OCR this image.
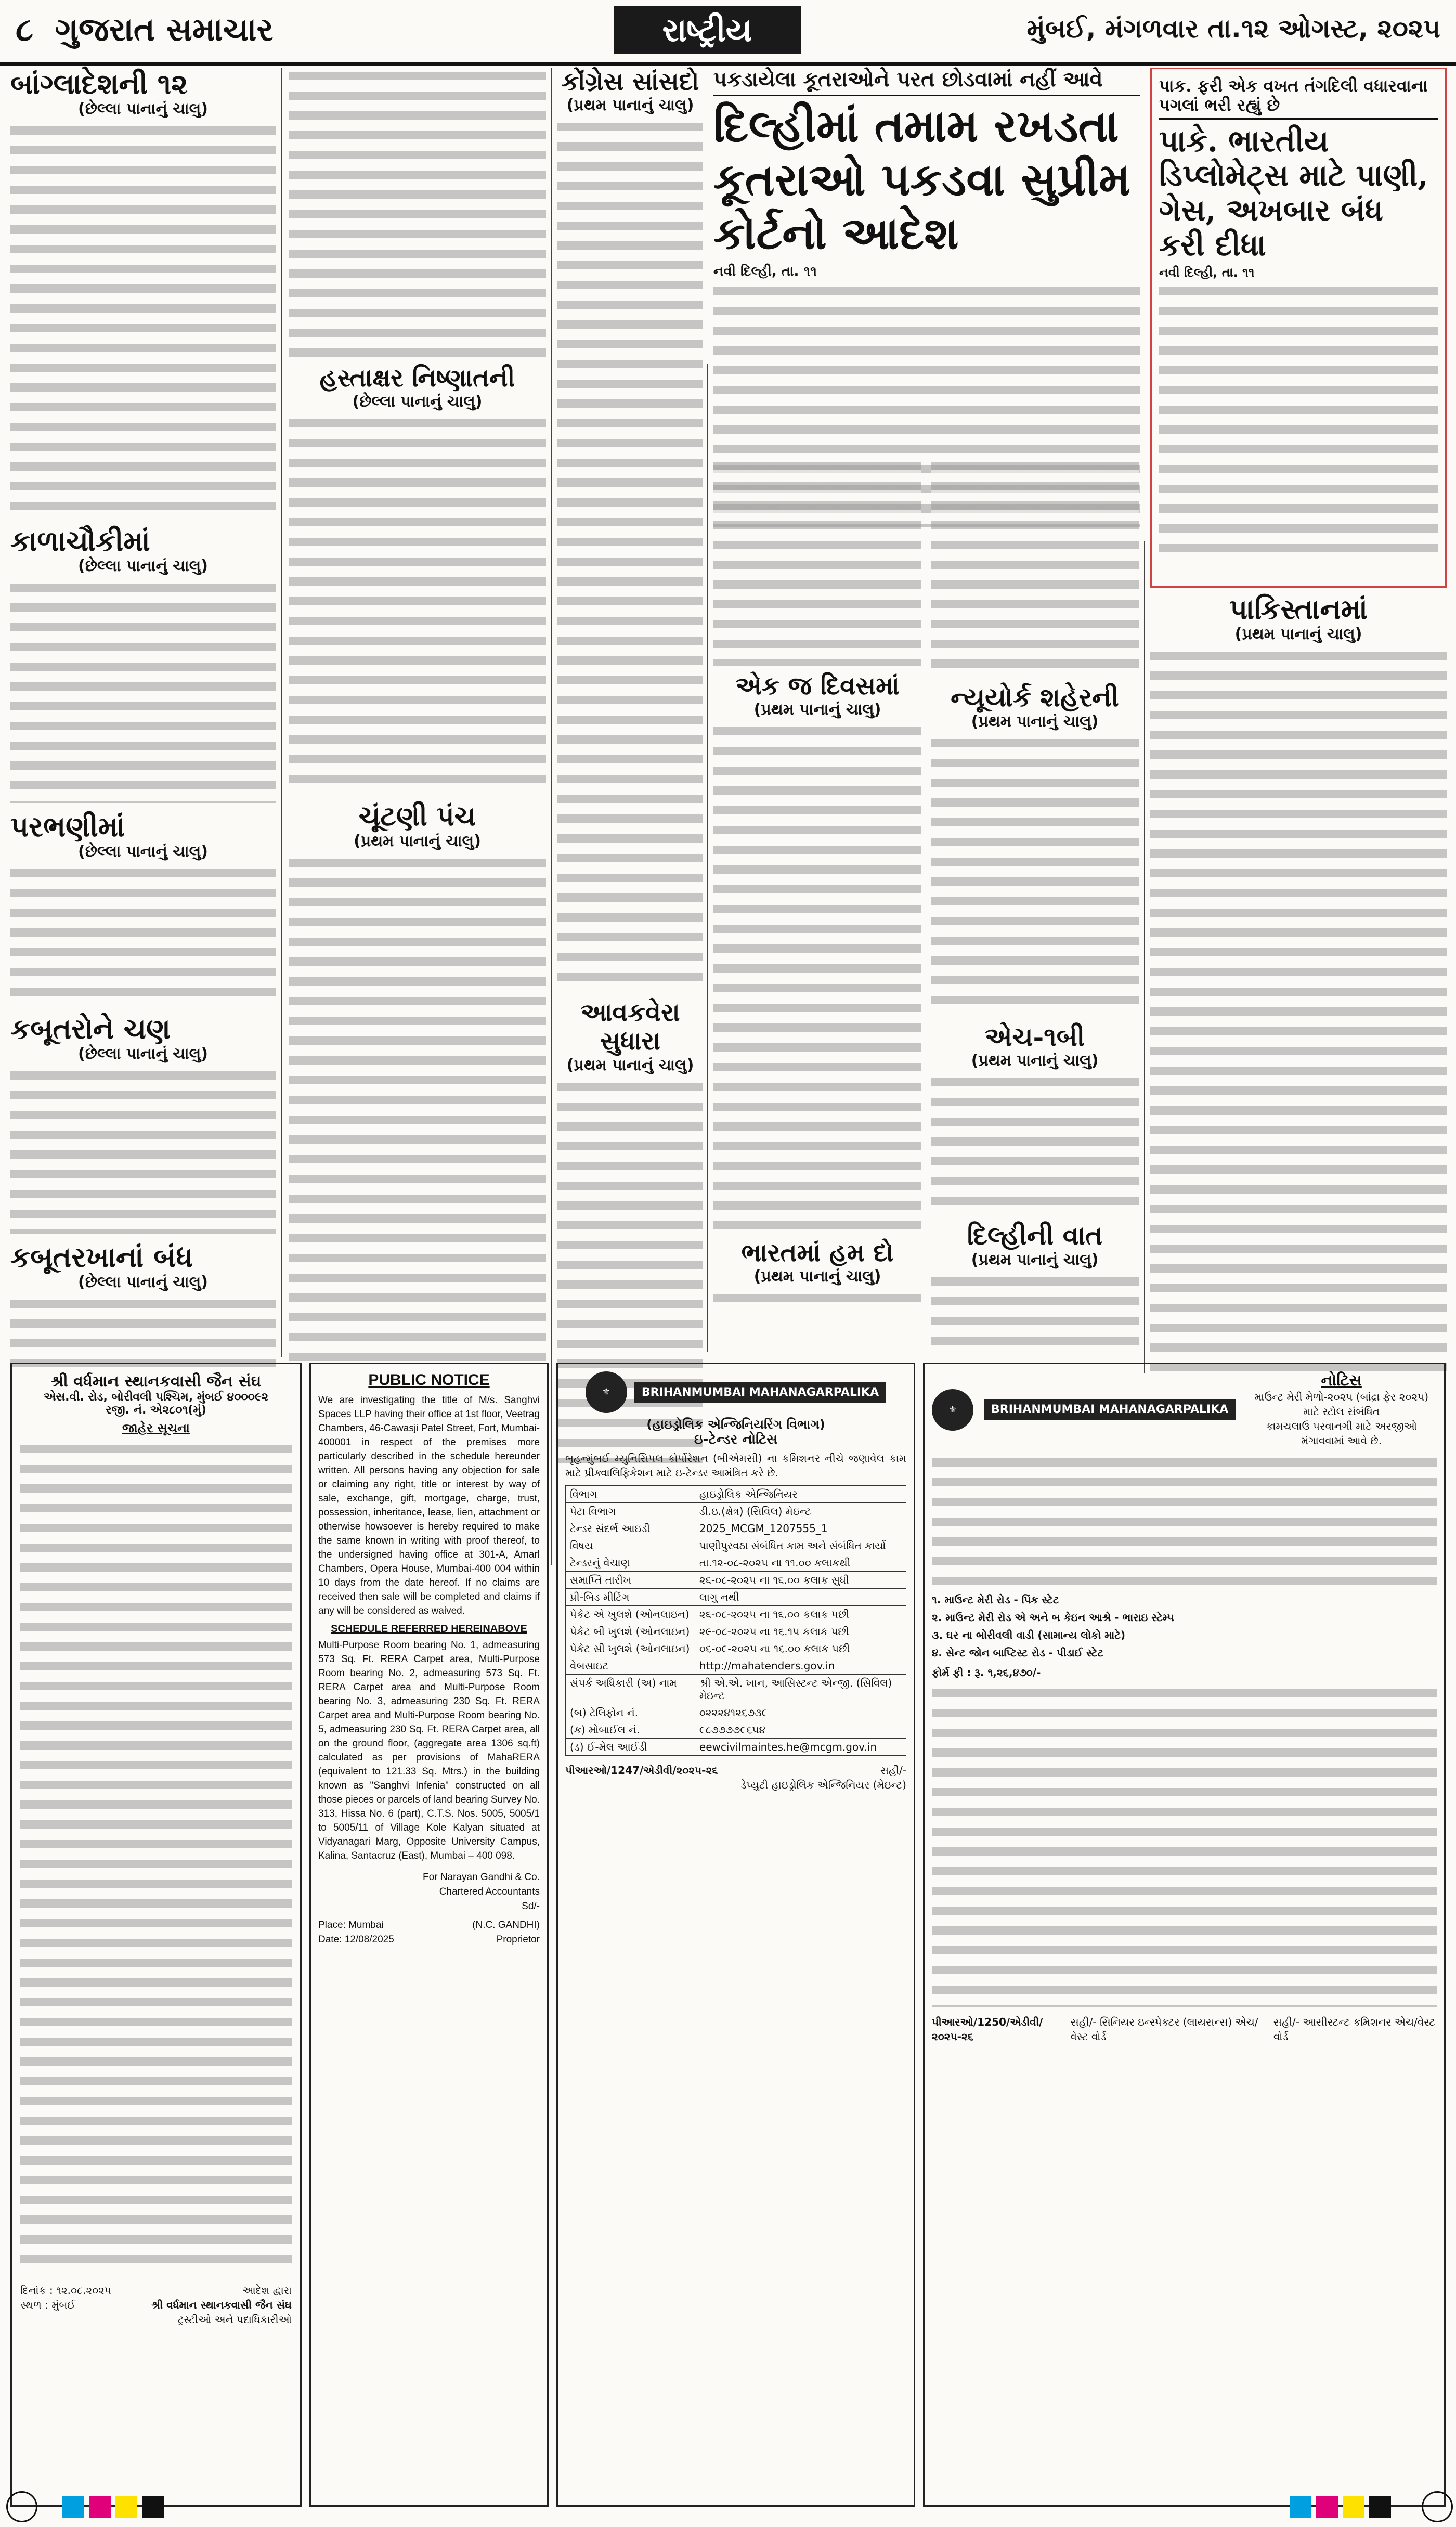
૮ ગુજરાત સમાચાર	રાષ્ટ્રીય	મુંબઈ, મંગળવાર તા.૧૨ ઓગસ્ટ, ૨૦૨૫
બાંગ્લાદેશની ૧૨
(છેલ્લા પાનાનું ચાલુ)
કાળાચૌકીમાં
(છેલ્લા પાનાનું ચાલુ)
પરભણીમાં
(છેલ્લા પાનાનું ચાલુ)
કબૂતરોને ચણ
(છેલ્લા પાનાનું ચાલુ)
કબૂતરખાનાં બંધ
(છેલ્લા પાનાનું ચાલુ)
હસ્તાક્ષર નિષ્ણાતની
(છેલ્લા પાનાનું ચાલુ)
ચૂંટણી પંચ
(પ્રથમ પાનાનું ચાલુ)
કોંગ્રેસ સાંસદો
(પ્રથમ પાનાનું ચાલુ)
આવકવેરા સુધારા
(પ્રથમ પાનાનું ચાલુ)
પકડાયેલા કૂતરાઓને પરત છોડવામાં નહીં આવે
દિલ્હીમાં તમામ રખડતા કૂતરાઓ પકડવા સુપ્રીમ કોર્ટનો આદેશ
નવી દિલ્હી, તા. ૧૧
એક જ દિવસમાં
(પ્રથમ પાનાનું ચાલુ)
ભારતમાં હમ દો
(પ્રથમ પાનાનું ચાલુ)
ન્યૂયોર્ક શહેરની
(પ્રથમ પાનાનું ચાલુ)
એચ-૧બી
(પ્રથમ પાનાનું ચાલુ)
દિલ્હીની વાત
(પ્રથમ પાનાનું ચાલુ)
પાક. ફરી એક વખત તંગદિલી વધારવાના પગલાં ભરી રહ્યું છે
પાકે. ભારતીય ડિપ્લોમેટ્સ માટે પાણી, ગેસ, અખબાર બંધ કરી દીધા
નવી દિલ્હી, તા. ૧૧
પાકિસ્તાનમાં
(પ્રથમ પાનાનું ચાલુ)
શ્રી વર્ધમાન સ્થાનકવાસી જૈન સંઘ
એસ.વી. રોડ, બોરીવલી પશ્ચિમ, મુંબઈ ૪૦૦૦૯૨
રજી. નં. એ૨૮૦૧(મું)
જાહેર સૂચના
દિનાંક : ૧૨.૦૮.૨૦૨૫
સ્થળ : મુંબઈ
આદેશ દ્વારા
શ્રી વર્ધમાન સ્થાનકવાસી જૈન સંઘ
ટ્રસ્ટીઓ અને પદાધિકારીઓ
PUBLIC NOTICE
We are investigating the title of M/s. Sanghvi Spaces LLP having their office at 1st floor, Veetrag Chambers, 46-Cawasji Patel Street, Fort, Mumbai-400001 in respect of the premises more particularly described in the schedule hereunder written. All persons having any objection for sale or claiming any right, title or interest by way of sale, exchange, gift, mortgage, charge, trust, possession, inheritance, lease, lien, attachment or otherwise howsoever is hereby required to make the same known in writing with proof thereof, to the undersigned having office at 301-A, Amarl Chambers, Opera House, Mumbai-400 004 within 10 days from the date hereof. If no claims are received then sale will be completed and claims if any will be considered as waived.
SCHEDULE REFERRED HEREINABOVE
Multi-Purpose Room bearing No. 1, admeasuring 573 Sq. Ft. RERA Carpet area, Multi-Purpose Room bearing No. 2, admeasuring 573 Sq. Ft. RERA Carpet area and Multi-Purpose Room bearing No. 3, admeasuring 230 Sq. Ft. RERA Carpet area and Multi-Purpose Room bearing No. 5, admeasuring 230 Sq. Ft. RERA Carpet area, all on the ground floor, (aggregate area 1306 sq.ft) calculated as per provisions of MahaRERA (equivalent to 121.33 Sq. Mtrs.) in the building known as "Sanghvi Infenia" constructed on all those pieces or parcels of land bearing Survey No. 313, Hissa No. 6 (part), C.T.S. Nos. 5005, 5005/1 to 5005/11 of Village Kole Kalyan situated at Vidyanagari Marg, Opposite University Campus, Kalina, Santacruz (East), Mumbai – 400 098.
For Narayan Gandhi & Co.
Chartered Accountants
Sd/-
Place: Mumbai
Date: 12/08/2025
(N.C. GANDHI)
Proprietor
⚜	BRIHANMUMBAI MAHANAGARPALIKA
(હાઇડ્રોલિક એન્જિનિયરિંગ વિભાગ)
ઇ-ટેન્ડર નોટિસ
બૃહન્મુંબઈ મ્યુનિસિપલ કોર્પોરેશન (બીએમસી) ના કમિશનર નીચે જણાવેલ કામ માટે પ્રીક્વાલિફિકેશન માટે ઇ-ટેન્ડર આમંત્રિત કરે છે.
વિભાગ	હાઇડ્રોલિક એન્જિનિયર
પેટા વિભાગ	ડી.ઇ.(ક્ષેત્ર) (સિવિલ) મેઇન્ટ
ટેન્ડર સંદર્ભ આઇડી	2025_MCGM_1207555_1
વિષય	પાણીપુરવઠા સંબંધિત કામ અને સંબંધિત કાર્યો
ટેન્ડરનું વેચાણ	તા.૧૨-૦૮-૨૦૨૫ ના ૧૧.૦૦ કલાકથી
સમાપ્તિ તારીખ	૨૬-૦૮-૨૦૨૫ ના ૧૬.૦૦ કલાક સુધી
પ્રી-બિડ મીટિંગ	લાગુ નથી
પેકેટ એ ખુલશે (ઓનલાઇન)	૨૬-૦૮-૨૦૨૫ ના ૧૬.૦૦ કલાક પછી
પેકેટ બી ખુલશે (ઓનલાઇન)	૨૯-૦૮-૨૦૨૫ ના ૧૬.૧૫ કલાક પછી
પેકેટ સી ખુલશે (ઓનલાઇન)	૦૬-૦૯-૨૦૨૫ ના ૧૬.૦૦ કલાક પછી
વેબસાઇટ	http://mahatenders.gov.in
સંપર્ક અધિકારી (અ) નામ	શ્રી એ.એ. ખાન, આસિસ્ટન્ટ એન્જી. (સિવિલ) મેઇન્ટ
(બ) ટેલિફોન નં.	૦૨૨૨૪૧૨૬૭૩૯
(ક) મોબાઈલ નં.	૯૮૭૭૭૭૯૬૫૪
(ડ) ઈ-મેલ આઈડી	eewcivilmaintes.he@mcgm.gov.in
પીઆરઓ/1247/એડીવી/૨૦૨૫-૨૬	સહી/-
ડેપ્યુટી હાઇડ્રોલિક એન્જિનિયર (મેઇન્ટ)
⚜	BRIHANMUMBAI MAHANAGARPALIKA
નોટિસ
માઉન્ટ મેરી મેળો-૨૦૨૫ (બાંદ્રા ફેર ૨૦૨૫) માટે સ્ટોલ સંબંધિત
કામચલાઉ પરવાનગી માટે અરજીઓ મંગાવવામાં આવે છે.
૧. માઉન્ટ મેરી રોડ - પિંક સ્ટેટ
૨. માઉન્ટ મેરી રોડ એ અને બ કેઇન આશ્રે - ભારાઇ સ્ટેમ્પ
૩. ઘર ના બોરીવલી વાડી (સામાન્ય લોકો માટે)
૪. સેન્ટ જોન બાપ્ટિસ્ટ રોડ - પીડાઈ સ્ટેટ
ફોર્મ ફી : રૂ. ૧,૨૬,૪૭૦/-
પીઆરઓ/1250/એડીવી/૨૦૨૫-૨૬
સહી/- સિનિયર ઇન્સ્પેક્ટર (લાયસન્સ) એચ/વેસ્ટ વોર્ડ
સહી/- આસીસ્ટન્ટ કમિશનર એચ/વેસ્ટ વોર્ડ
